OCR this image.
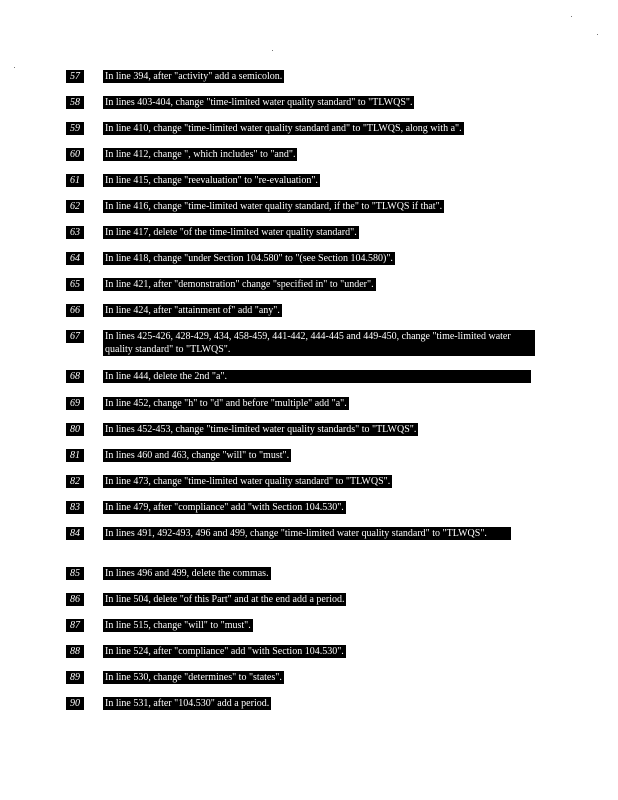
57	In line 394, after "activity" add a semicolon.
58	In lines 403-404, change "time-limited water quality standard" to "TLWQS".
59	In line 410, change "time-limited water quality standard and" to "TLWQS, along with a".
60	In line 412, change ", which includes" to "and".
61	In line 415, change "reevaluation" to "re-evaluation".
62	In line 416, change "time-limited water quality standard, if the" to "TLWQS if that".
63	In line 417, delete "of the time-limited water quality standard".
64	In line 418, change "under Section 104.580" to "(see Section 104.580)".
65	In line 421, after "demonstration" change "specified in" to "under".
66	In line 424, after "attainment of" add "any".
67	In lines 425-426, 428-429, 434, 458-459, 441-442, 444-445 and 449-450, change "time-limited water quality standard" to "TLWQS".
68	In line 444, delete the 2nd "a".
69	In line 452, change "h" to "d" and before "multiple" add "a".
80	In lines 452-453, change "time-limited water quality standards" to "TLWQS".
81	In lines 460 and 463, change "will" to "must".
82	In line 473, change "time-limited water quality standard" to "TLWQS".
83	In line 479, after "compliance" add "with Section 104.530".
84	In lines 491, 492-493, 496 and 499, change "time-limited water quality standard" to "TLWQS".
85	In lines 496 and 499, delete the commas.
86	In line 504, delete "of this Part" and at the end add a period.
87	In line 515, change "will" to "must".
88	In line 524, after "compliance" add "with Section 104.530".
89	In line 530, change "determines" to "states".
90	In line 531, after "104.530" add a period.
